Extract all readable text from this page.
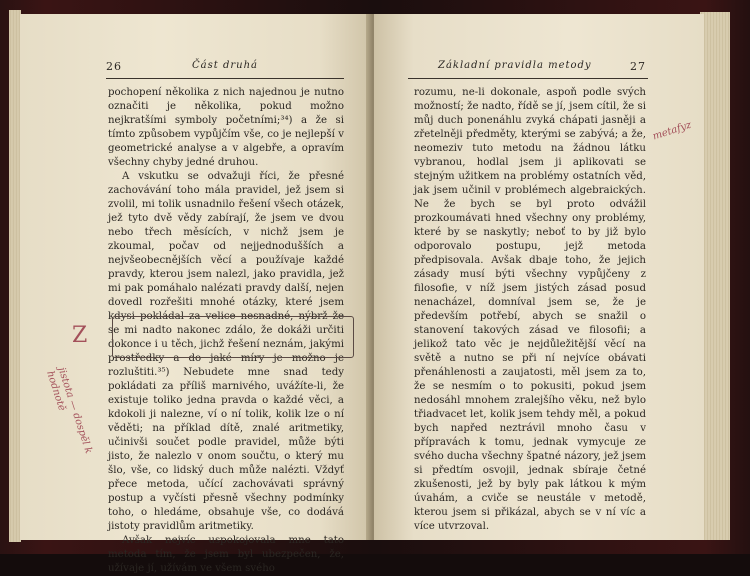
26	Část druhá

pochopení několika z nich najednou je nutno označiti je několika, pokud možno nejkratšími symboly početními;³⁴) a že si tímto způsobem vypůjčím vše, co je nejlepší v geometrické analyse a v algebře, a opravím všechny chyby jedné druhou.

A vskutku se odvažuji říci, že přesné zachovávání toho mála pravidel, jež jsem si zvolil, mi tolik usnadnilo řešení všech otázek, jež tyto dvě vědy zabírají, že jsem ve dvou nebo třech měsících, v nichž jsem je zkoumal, počav od nejjednodušších a nejvšeobecnějších věcí a používaje každé pravdy, kterou jsem nalezl, jako pravidla, jež mi pak pomáhalo nalézati pravdy další, nejen dovedl rozřešiti mnohé otázky, které jsem kdysi pokládal za velice nesnadné, nýbrž že se mi nadto nakonec zdálo, že dokáži určiti dokonce i u těch, jichž řešení neznám, jakými prostředky a do jaké míry je možno je rozluštiti.³⁵) Nebudete mne snad tedy pokládati za příliš marnivého, uvážíte-li, že existuje toliko jedna pravda o každé věci, a kdokoli ji nalezne, ví o ní tolik, kolik lze o ní věděti; na příklad dítě, znalé aritmetiky, učinivši součet podle pravidel, může býti jisto, že nalezlo v onom součtu, o který mu šlo, vše, co lidský duch může nalézti. Vždyť přece metoda, učící zachovávati správný postup a vyčísti přesně všechny podmínky toho, o hledáme, obsahuje vše, co dodává jistoty pravidlům aritmetiky.

Avšak nejvíc uspokojovala mne tato metoda tím, že jsem byl ubezpečen, že, užívaje jí, užívám ve všem svého

Z
jistota — dospěl k hodnotě
Základní pravidla metody	27

rozumu, ne-li dokonale, aspoň podle svých možností; že nadto, řídě se jí, jsem cítil, že si můj duch ponenáhlu zvyká chápati jasněji a zřetelněji předměty, kterými se zabývá; a že, neomeziv tuto metodu na žádnou látku vybranou, hodlal jsem ji aplikovati se stejným užitkem na problémy ostatních věd, jak jsem učinil v problémech algebraických. Ne že bych se byl proto odvážil prozkoumávati hned všechny ony problémy, které by se naskytly; neboť to by již bylo odporovalo postupu, jejž metoda předpisovala. Avšak dbaje toho, že jejich zásady musí býti všechny vypůjčeny z filosofie, v níž jsem jistých zásad posud nenacházel, domníval jsem se, že je především potřebí, abych se snažil o stanovení takových zásad ve filosofii; a jelikož tato věc je nejdůležitější věcí na světě a nutno se při ní nejvíce obávati přenáhlenosti a zaujatosti, měl jsem za to, že se nesmím o to pokusiti, pokud jsem nedosáhl mnohem zralejšího věku, než bylo třiadvacet let, kolik jsem tehdy měl, a pokud bych napřed neztrávil mnoho času v přípravách k tomu, jednak vymycuje ze svého ducha všechny špatné názory, jež jsem si předtím osvojil, jednak sbíraje četné zkušenosti, jež by byly pak látkou k mým úvahám, a cviče se neustále v metodě, kterou jsem si přikázal, abych se v ní víc a více utvrzoval.

metafyz
